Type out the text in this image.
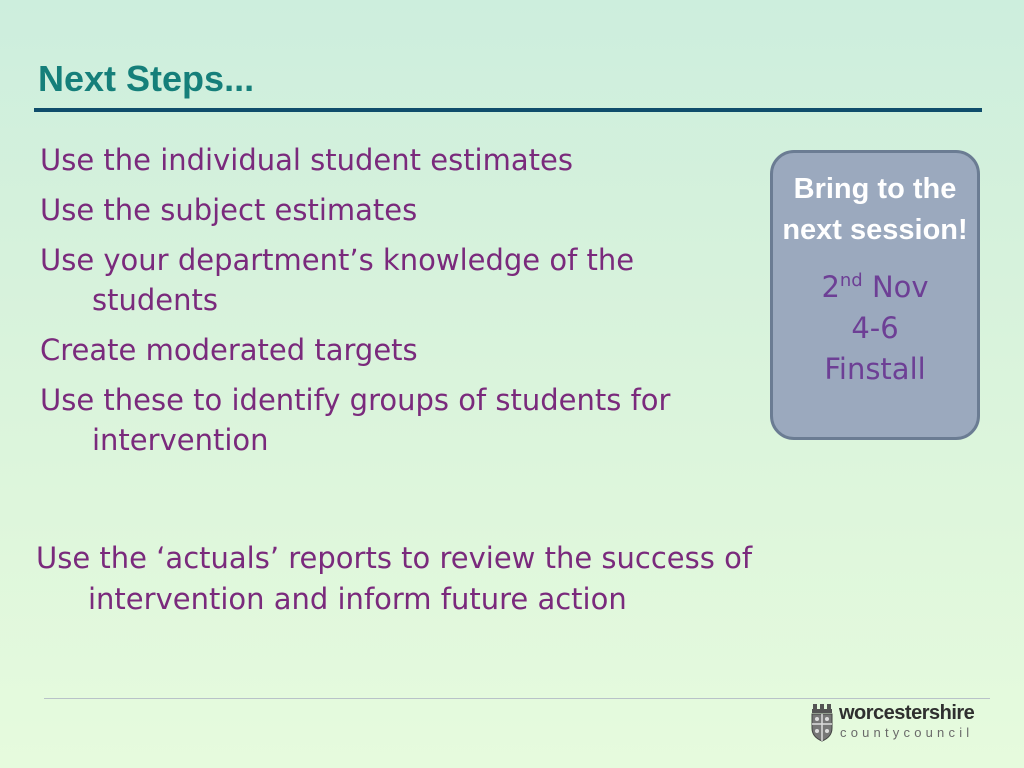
Next Steps...
Use the individual student estimates
Use the subject estimates
Use your department’s knowledge of the students
Create moderated targets
Use these to identify groups of students for intervention
Bring to the next session!
2nd Nov
4-6
Finstall
Use the ‘actuals’ reports to review the success of intervention and inform future action
worcestershire
countycouncil
